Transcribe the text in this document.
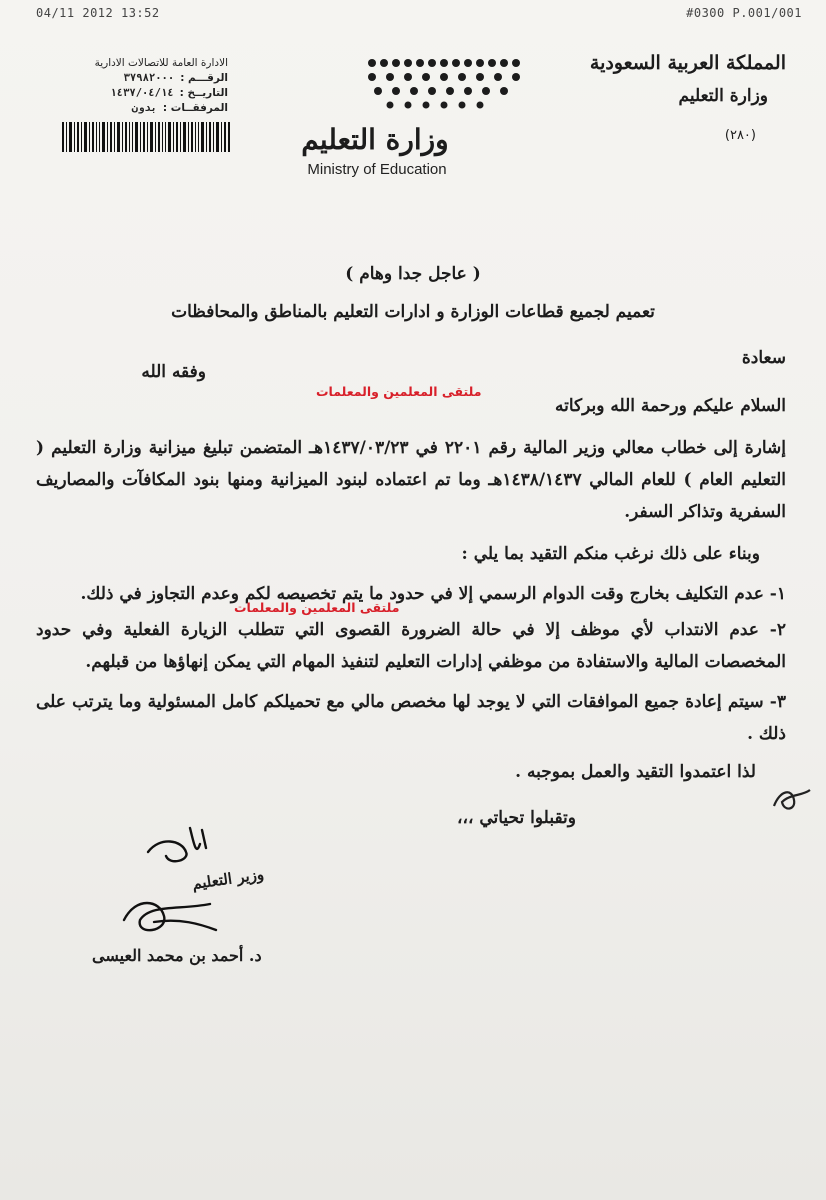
04/11 2012 13:52	#0300 P.001/001
المملكة العربية السعودية
وزارة التعليم
(٢٨٠)
وزارة التعليم
Ministry of Education
الادارة العامة للاتصالات الادارية
الرقـــم :
٣٧٩٨٢٠٠٠
التاريــخ :
١٤٣٧/٠٤/١٤
المرفقــات :
بدون
( عاجل جدا وهام )
تعميم لجميع قطاعات الوزارة و ادارات التعليم بالمناطق والمحافظات
سعادة
وفقه الله
ملتقى المعلمين والمعلمات
السلام عليكم ورحمة الله وبركاته
إشارة إلى خطاب معالي وزير المالية رقم ٢٢٠١ في ١٤٣٧/٠٣/٢٣هـ المتضمن تبليغ ميزانية وزارة التعليم ( التعليم العام ) للعام المالي ١٤٣٨/١٤٣٧هـ وما تم اعتماده لبنود الميزانية ومنها بنود المكافآت والمصاريف السفرية وتذاكر السفر.
وبناء على ذلك نرغب منكم التقيد بما يلي :
١- عدم التكليف بخارج وقت الدوام الرسمي إلا في حدود ما يتم تخصيصه لكم وعدم التجاوز في ذلك.
ملتقى المعلمين والمعلمات
٢- عدم الانتداب لأي موظف إلا في حالة الضرورة القصوى التي تتطلب الزيارة الفعلية وفي حدود المخصصات المالية والاستفادة من موظفي إدارات التعليم لتنفيذ المهام التي يمكن إنهاؤها من قبلهم.
٣- سيتم إعادة جميع الموافقات التي لا يوجد لها مخصص مالي مع تحميلكم كامل المسئولية وما يترتب على ذلك .
لذا اعتمدوا التقيد والعمل بموجبه .
وتقبلوا تحياتي ،،،
وزير التعليم
د. أحمد بن محمد العيسى
